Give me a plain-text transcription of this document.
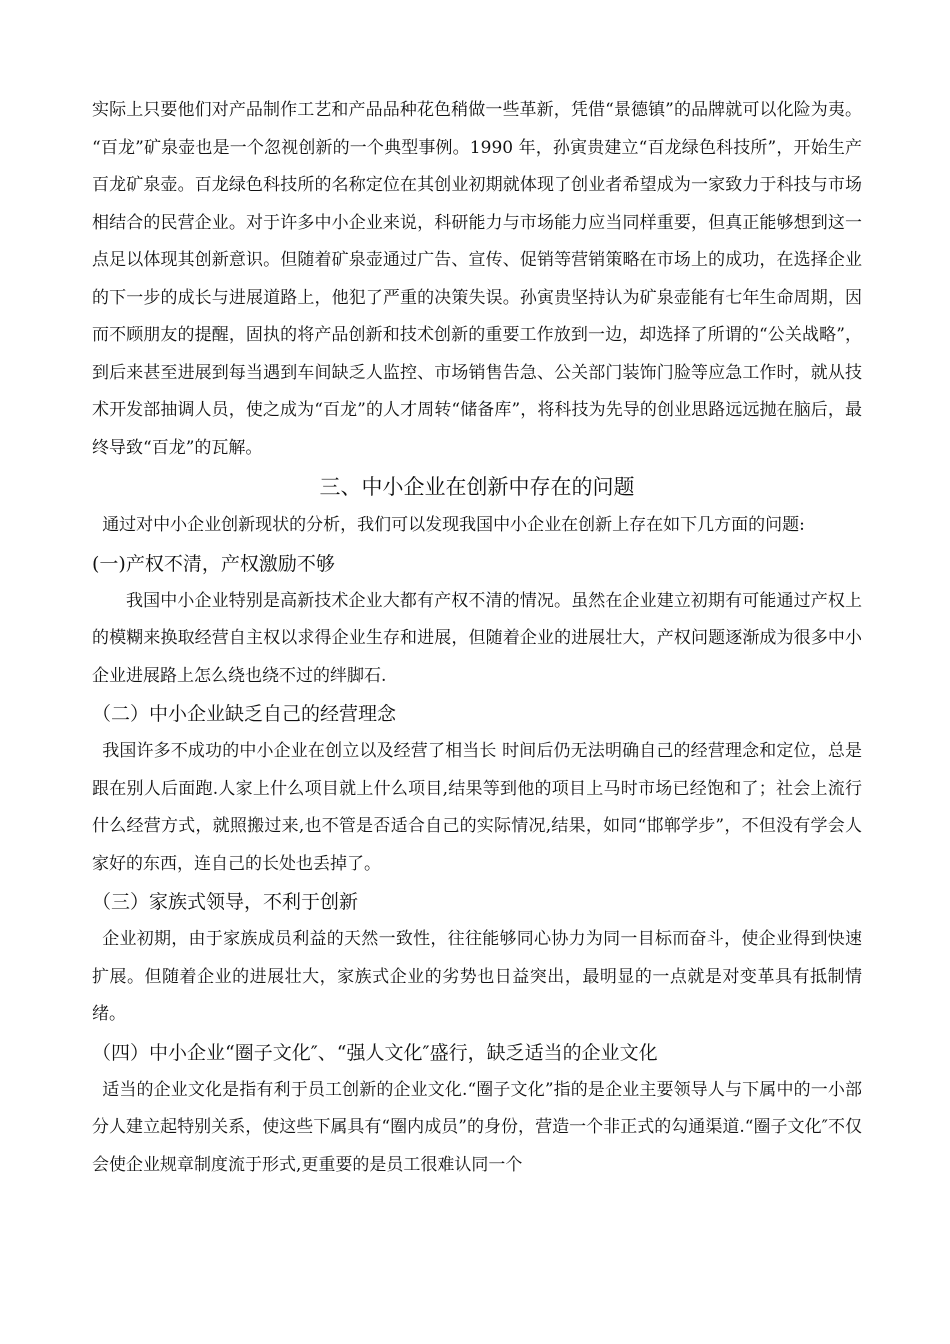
实际上只要他们对产品制作工艺和产品品种花色稍做一些革新，凭借“景德镇”的品牌就可以化险为夷。 “百龙”矿泉壶也是一个忽视创新的一个典型事例。1990 年，孙寅贵建立“百龙绿色科技所”，开始生产百龙矿泉壶。百龙绿色科技所的名称定位在其创业初期就体现了创业者希望成为一家致力于科技与市场相结合的民营企业。对于许多中小企业来说，科研能力与市场能力应当同样重要，但真正能够想到这一点足以体现其创新意识。但随着矿泉壶通过广告、宣传、促销等营销策略在市场上的成功，在选择企业的下一步的成长与进展道路上，他犯了严重的决策失误。孙寅贵坚持认为矿泉壶能有七年生命周期，因而不顾朋友的提醒，固执的将产品创新和技术创新的重要工作放到一边，却选择了所谓的“公关战略”，到后来甚至进展到每当遇到车间缺乏人监控、市场销售告急、公关部门装饰门脸等应急工作时，就从技术开发部抽调人员，使之成为“百龙”的人才周转“储备库”，将科技为先导的创业思路远远抛在脑后，最终导致“百龙”的瓦解。

三、中小企业在创新中存在的问题

通过对中小企业创新现状的分析，我们可以发现我国中小企业在创新上存在如下几方面的问题:

(一)产权不清，产权激励不够

我国中小企业特别是高新技术企业大都有产权不清的情况。虽然在企业建立初期有可能通过产权上的模糊来换取经营自主权以求得企业生存和进展，但随着企业的进展壮大，产权问题逐渐成为很多中小企业进展路上怎么绕也绕不过的绊脚石.

（二）中小企业缺乏自己的经营理念

我国许多不成功的中小企业在创立以及经营了相当长 时间后仍无法明确自己的经营理念和定位，总是跟在别人后面跑.人家上什么项目就上什么项目,结果等到他的项目上马时市场已经饱和了；社会上流行什么经营方式，就照搬过来,也不管是否适合自己的实际情况,结果，如同“邯郸学步”，不但没有学会人家好的东西，连自己的长处也丢掉了。

（三）家族式领导，不利于创新

企业初期，由于家族成员利益的天然一致性，往往能够同心协力为同一目标而奋斗，使企业得到快速扩展。但随着企业的进展壮大，家族式企业的劣势也日益突出，最明显的一点就是对变革具有抵制情绪。

（四）中小企业“圈子文化″、“强人文化″盛行，缺乏适当的企业文化

适当的企业文化是指有利于员工创新的企业文化.“圈子文化”指的是企业主要领导人与下属中的一小部分人建立起特别关系，使这些下属具有“圈内成员”的身份，营造一个非正式的勾通渠道.“圈子文化″不仅会使企业规章制度流于形式,更重要的是员工很难认同一个
